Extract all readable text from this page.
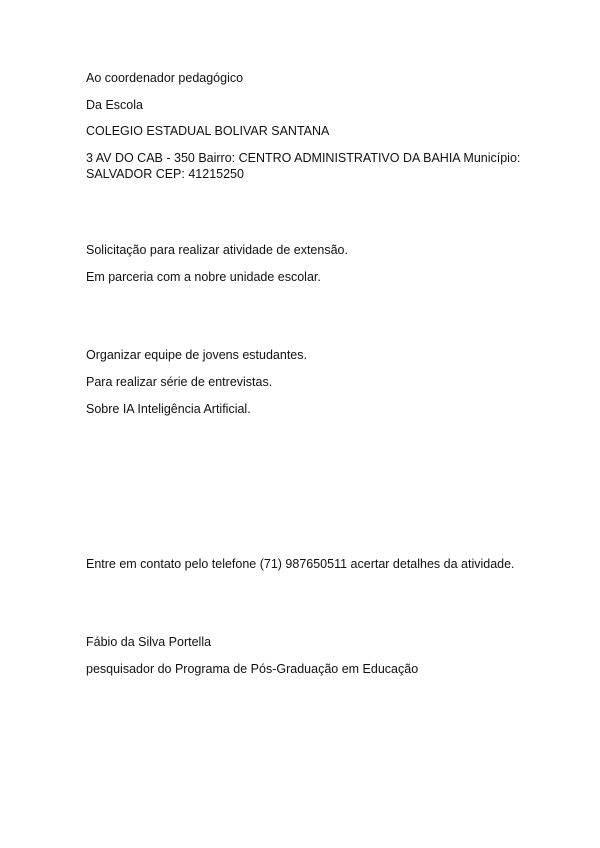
Ao coordenador pedagógico
Da Escola
COLEGIO ESTADUAL BOLIVAR SANTANA
3 AV DO CAB - 350 Bairro: CENTRO ADMINISTRATIVO DA BAHIA Município:
SALVADOR CEP: 41215250
Solicitação para realizar atividade de extensão.
Em parceria com a nobre unidade escolar.
Organizar equipe de jovens estudantes.
Para realizar série de entrevistas.
Sobre IA Inteligência Artificial.
Entre em contato pelo telefone (71) 987650511 acertar detalhes da atividade.
Fábio da Silva Portella
pesquisador do Programa de Pós-Graduação em Educação
